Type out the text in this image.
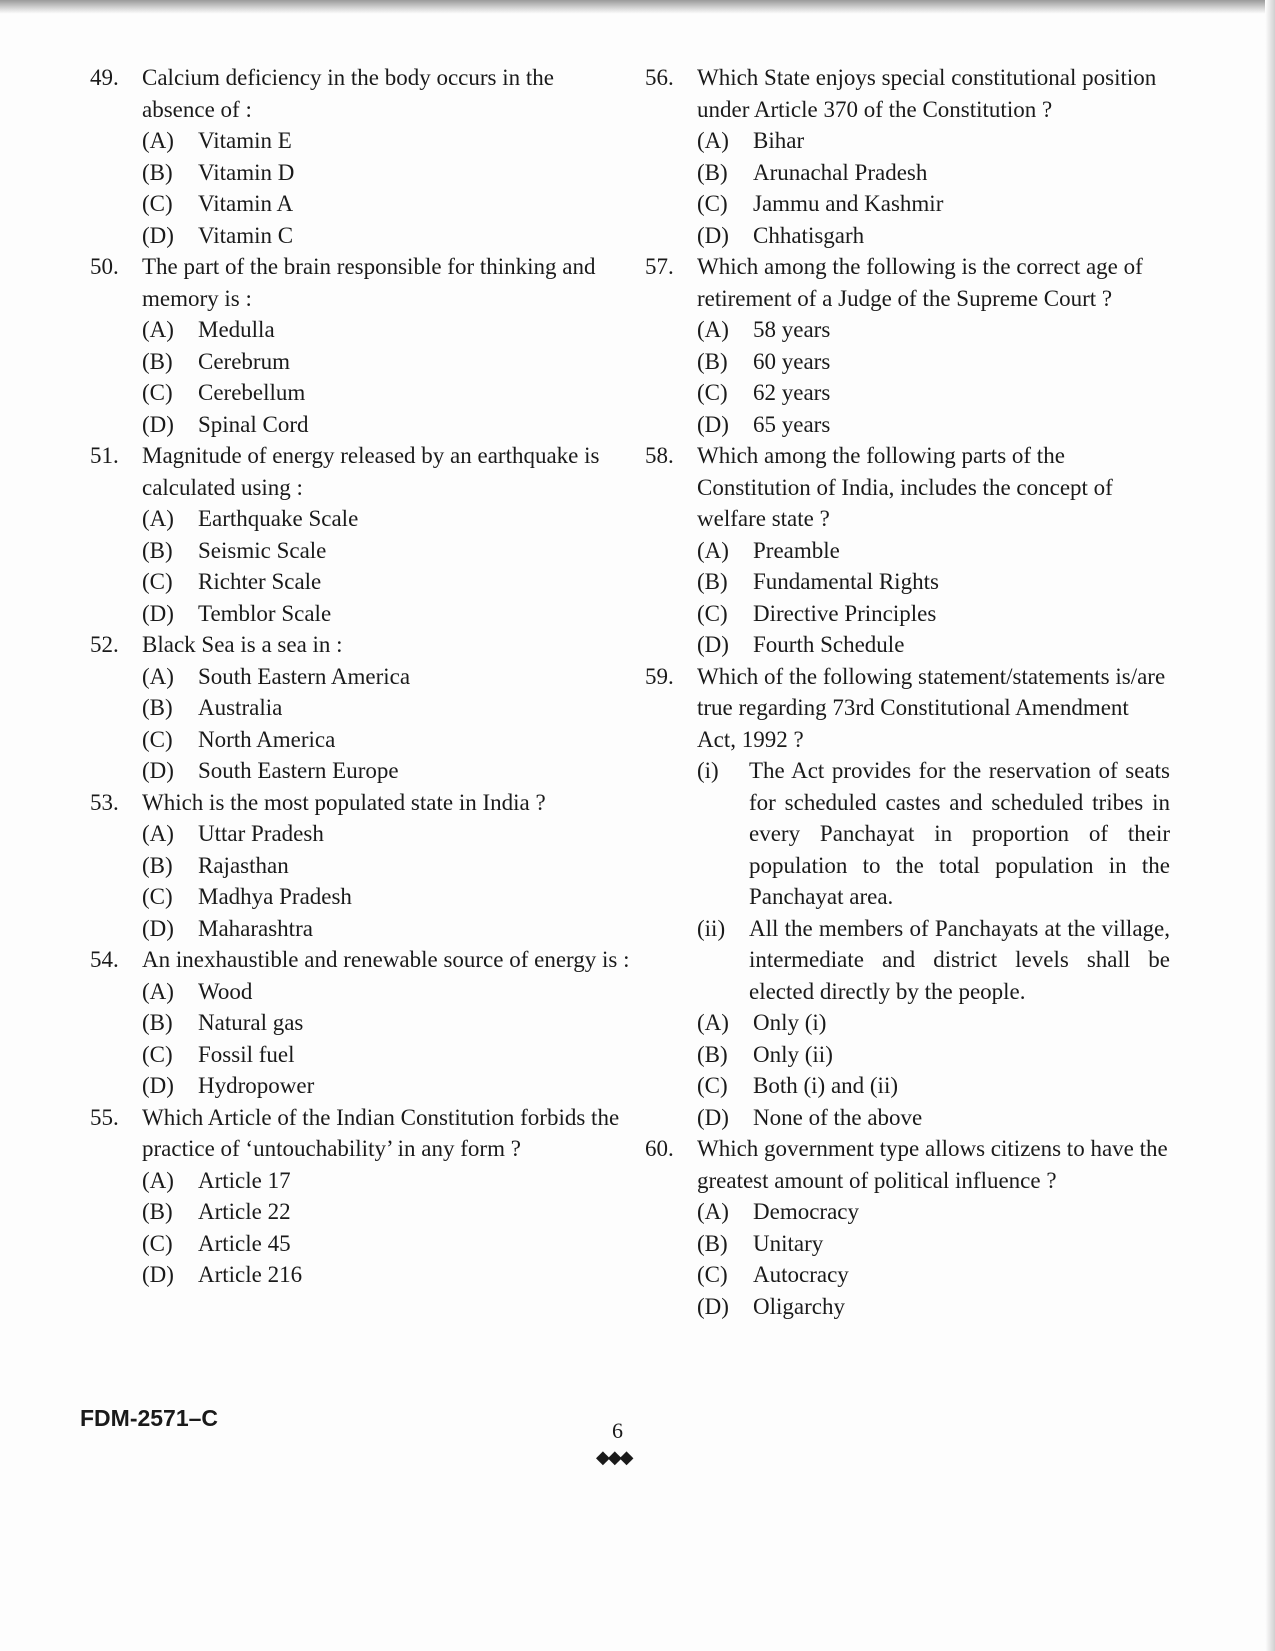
49. Calcium deficiency in the body occurs in the absence of :
(A) Vitamin E
(B) Vitamin D
(C) Vitamin A
(D) Vitamin C
50. The part of the brain responsible for thinking and memory is :
(A) Medulla
(B) Cerebrum
(C) Cerebellum
(D) Spinal Cord
51. Magnitude of energy released by an earthquake is calculated using :
(A) Earthquake Scale
(B) Seismic Scale
(C) Richter Scale
(D) Temblor Scale
52. Black Sea is a sea in :
(A) South Eastern America
(B) Australia
(C) North America
(D) South Eastern Europe
53. Which is the most populated state in India ?
(A) Uttar Pradesh
(B) Rajasthan
(C) Madhya Pradesh
(D) Maharashtra
54. An inexhaustible and renewable source of energy is :
(A) Wood
(B) Natural gas
(C) Fossil fuel
(D) Hydropower
55. Which Article of the Indian Constitution forbids the practice of ‘untouchability’ in any form ?
(A) Article 17
(B) Article 22
(C) Article 45
(D) Article 216
56. Which State enjoys special constitutional position under Article 370 of the Constitution ?
(A) Bihar
(B) Arunachal Pradesh
(C) Jammu and Kashmir
(D) Chhatisgarh
57. Which among the following is the correct age of retirement of a Judge of the Supreme Court ?
(A) 58 years
(B) 60 years
(C) 62 years
(D) 65 years
58. Which among the following parts of the Constitution of India, includes the concept of welfare state ?
(A) Preamble
(B) Fundamental Rights
(C) Directive Principles
(D) Fourth Schedule
59. Which of the following statement/statements is/are true regarding 73rd Constitutional Amendment Act, 1992 ?
(i) The Act provides for the reservation of seats for scheduled castes and scheduled tribes in every Panchayat in proportion of their population to the total population in the Panchayat area.
(ii) All the members of Panchayats at the village, intermediate and district levels shall be elected directly by the people.
(A) Only (i)
(B) Only (ii)
(C) Both (i) and (ii)
(D) None of the above
60. Which government type allows citizens to have the greatest amount of political influence ?
(A) Democracy
(B) Unitary
(C) Autocracy
(D) Oligarchy
FDM-2571–C	6
◆◆◆
